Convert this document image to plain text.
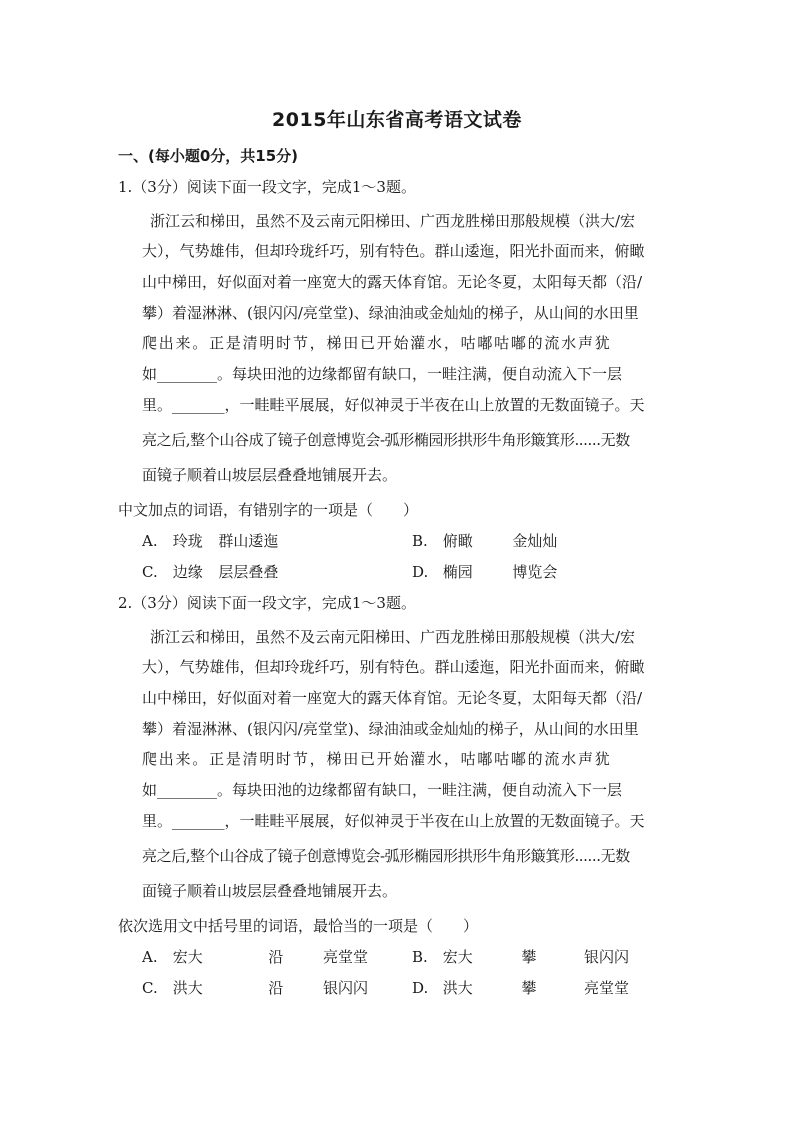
2015年山东省高考语文试卷
一、(每小题0分，共15分)
1.（3分）阅读下面一段文字，完成1～3题。
浙江云和梯田，虽然不及云南元阳梯田、广西龙胜梯田那般规模（洪大/宏
大），气势雄伟，但却玲珑纤巧，别有特色。群山逶迤，阳光扑面而来，俯瞰
山中梯田，好似面对着一座宽大的露天体育馆。无论冬夏，太阳每天都（沿/
攀）着湿淋淋、(银闪闪/亮堂堂)、绿油油或金灿灿的梯子，从山间的水田里
爬 出 来 。 正 是 清 明 时 节 ， 梯 田 已 开 始 灌 水 ， 咕 嘟 咕 嘟 的 流 水 声 犹
如________。每块田池的边缘都留有缺口，一畦注满，便自动流入下一层
里。_______，一畦畦平展展，好似神灵于半夜在山上放置的无数面镜子。天
亮之后,整个山谷成了镜子创意博览会-弧形椭园形拱形牛角形簸箕形......无数
面镜子顺着山坡层层叠叠地铺展开去。
中文加点的词语，有错别字的一项是（　　）
A. 玲珑 群山逶迤	B. 俯瞰	金灿灿
C. 边缘 层层叠叠	D. 椭园	博览会
2.（3分）阅读下面一段文字，完成1～3题。
浙江云和梯田，虽然不及云南元阳梯田、广西龙胜梯田那般规模（洪大/宏
大），气势雄伟，但却玲珑纤巧，别有特色。群山逶迤，阳光扑面而来，俯瞰
山中梯田，好似面对着一座宽大的露天体育馆。无论冬夏，太阳每天都（沿/
攀）着湿淋淋、(银闪闪/亮堂堂)、绿油油或金灿灿的梯子，从山间的水田里
爬 出 来 。 正 是 清 明 时 节 ， 梯 田 已 开 始 灌 水 ， 咕 嘟 咕 嘟 的 流 水 声 犹
如________。每块田池的边缘都留有缺口，一畦注满，便自动流入下一层
里。_______，一畦畦平展展，好似神灵于半夜在山上放置的无数面镜子。天
亮之后,整个山谷成了镜子创意博览会-弧形椭园形拱形牛角形簸箕形......无数
面镜子顺着山坡层层叠叠地铺展开去。
依次选用文中括号里的词语，最恰当的一项是（　　）
A. 宏大	沿	亮堂堂	B. 宏大	攀	银闪闪
C. 洪大	沿	银闪闪	D. 洪大	攀	亮堂堂
